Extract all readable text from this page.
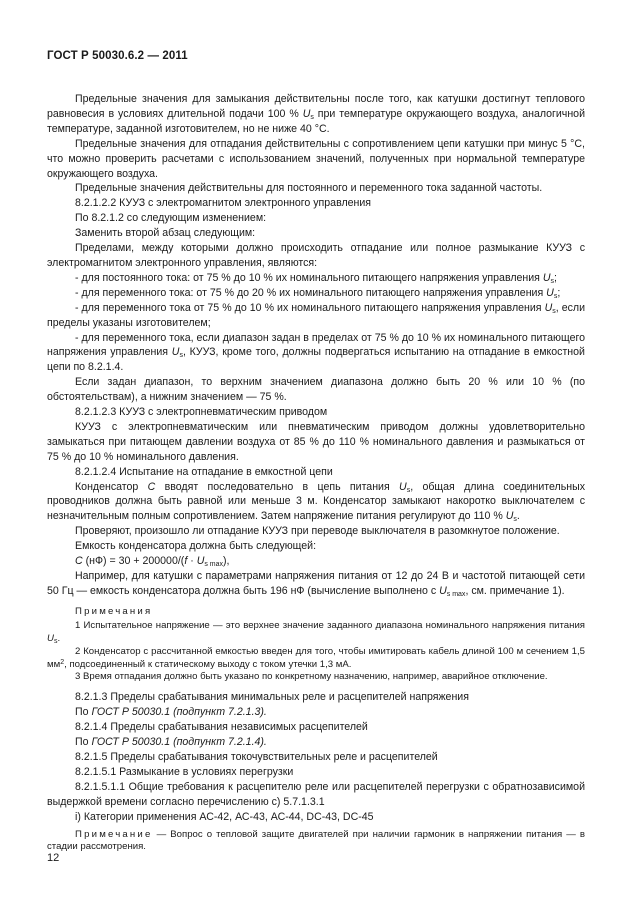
ГОСТ Р 50030.6.2 — 2011

Предельные значения для замыкания действительны после того, как катушки достигнут теплового равновесия в условиях длительной подачи 100 % $U_s$ при температуре окружающего воздуха, аналогичной температуре, заданной изготовителем, но не ниже 40 °С.

Предельные значения для отпадания действительны с сопротивлением цепи катушки при минус 5 °С, что можно проверить расчетами с использованием значений, полученных при нормальной температуре окружающего воздуха.

Предельные значения действительны для постоянного и переменного тока заданной частоты.

8.2.1.2.2 КУУЗ с электромагнитом электронного управления

По 8.2.1.2 со следующим изменением:

Заменить второй абзац следующим:

Пределами, между которыми должно происходить отпадание или полное размыкание КУУЗ с электромагнитом электронного управления, являются:

- для постоянного тока: от 75 % до 10 % их номинального питающего напряжения управления $U_s$;

- для переменного тока: от 75 % до 20 % их номинального питающего напряжения управления $U_s$;

- для переменного тока от 75 % до 10 % их номинального питающего напряжения управления $U_s$, если пределы указаны изготовителем;

- для переменного тока, если диапазон задан в пределах от 75 % до 10 % их номинального питающего напряжения управления $U_s$, КУУЗ, кроме того, должны подвергаться испытанию на отпадание в емкостной цепи по 8.2.1.4.

Если задан диапазон, то верхним значением диапазона должно быть 20 % или 10 % (по обстоятельствам), а нижним значением — 75 %.

8.2.1.2.3 КУУЗ с электропневматическим приводом

КУУЗ с электропневматическим или пневматическим приводом должны удовлетворительно замыкаться при питающем давлении воздуха от 85 % до 110 % номинального давления и размыкаться от 75 % до 10 % номинального давления.

8.2.1.2.4 Испытание на отпадание в емкостной цепи

Конденсатор С вводят последовательно в цепь питания $U_s$, общая длина соединительных проводников должна быть равной или меньше 3 м. Конденсатор замыкают накоротко выключателем с незначительным полным сопротивлением. Затем напряжение питания регулируют до 110 % $U_s$.

Проверяют, произошло ли отпадание КУУЗ при переводе выключателя в разомкнутое положение.

Емкость конденсатора должна быть следующей:

С $(нФ) = 30 + 200000/(f \cdot U_{s max})$,

Например, для катушки с параметрами напряжения питания от 12 до 24 В и частотой питающей сети 50 Гц — емкость конденсатора должна быть 196 нФ (вычисление выполнено с $U_{s max}$, см. примечание 1).

Примечания

1 Испытательное напряжение — это верхнее значение заданного диапазона номинального напряжения питания $U_s$.

2 Конденсатор с рассчитанной емкостью введен для того, чтобы имитировать кабель длиной 100 м сечением 1,5 $мм^2$, подсоединенный к статическому выходу с током утечки 1,3 мА.

3 Время отпадания должно быть указано по конкретному назначению, например, аварийное отключение.

8.2.1.3 Пределы срабатывания минимальных реле и расцепителей напряжения

По ГОСТ Р 50030.1 (подпункт 7.2.1.3).

8.2.1.4 Пределы срабатывания независимых расцепителей

По ГОСТ Р 50030.1 (подпункт 7.2.1.4).

8.2.1.5 Пределы срабатывания токочувствительных реле и расцепителей

8.2.1.5.1 Размыкание в условиях перегрузки

8.2.1.5.1.1 Общие требования к расцепителю реле или расцепителей перегрузки с обратнозависимой выдержкой времени согласно перечислению с) 5.7.1.3.1

i) Категории применения АС-42, АС-43, АС-44, DC-43, DC-45

Примечание — Вопрос о тепловой защите двигателей при наличии гармоник в напряжении питания — в стадии рассмотрения.

12
